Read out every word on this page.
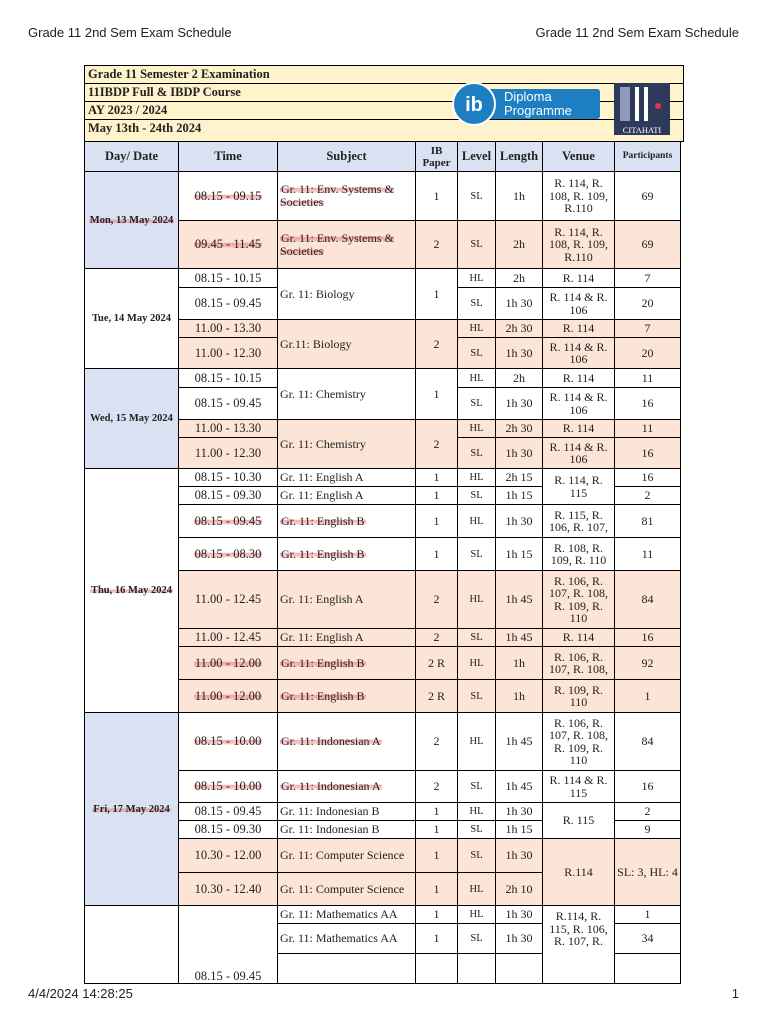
Grade 11 2nd Sem Exam Schedule	Grade 11 2nd Sem Exam Schedule
Grade 11 Semester 2 Examination
11IBDP Full & IBDP Course
AY 2023 / 2024
May 13th - 24th 2024
ib Diploma
Programme
CITAHATI
Day/ Date	Time	Subject	IB Paper	Level	Length	Venue	Participants
Mon, 13 May 2024	08.15 - 09.15	Gr. 11: Env. Systems & Societies	1	SL	1h	R. 114, R. 108, R. 109, R.110	69
	09.45 - 11.45	Gr. 11: Env. Systems & Societies	2	SL	2h	R. 114, R. 108, R. 109, R.110	69
Tue, 14 May 2024	08.15 - 10.15	Gr. 11: Biology	1	HL	2h	R. 114	7
	08.15 - 09.45			SL	1h 30	R. 114 & R. 106	20
	11.00 - 13.30	Gr.11: Biology	2	HL	2h 30	R. 114	7
	11.00 - 12.30			SL	1h 30	R. 114 & R. 106	20
Wed, 15 May 2024	08.15 - 10.15	Gr. 11: Chemistry	1	HL	2h	R. 114	11
	08.15 - 09.45			SL	1h 30	R. 114 & R. 106	16
	11.00 - 13.30	Gr. 11: Chemistry	2	HL	2h 30	R. 114	11
	11.00 - 12.30			SL	1h 30	R. 114 & R. 106	16
Thu, 16 May 2024	08.15 - 10.30	Gr. 11: English A	1	HL	2h 15	R. 114, R. 115	16
	08.15 - 09.30	Gr. 11: English A	1	SL	1h 15		2
	08.15 - 09.45	Gr. 11: English B	1	HL	1h 30	R. 115, R. 106, R. 107,	81
	08.15 - 08.30	Gr. 11: English B	1	SL	1h 15	R. 108, R. 109, R. 110	11
	11.00 - 12.45	Gr. 11: English A	2	HL	1h 45	R. 106, R. 107, R. 108, R. 109, R. 110	84
	11.00 - 12.45	Gr. 11: English A	2	SL	1h 45	R. 114	16
	11.00 - 12.00	Gr. 11: English B	2 R	HL	1h	R. 106, R. 107, R. 108,	92
	11.00 - 12.00	Gr. 11: English B	2 R	SL	1h	R. 109, R. 110	1
Fri, 17 May 2024	08.15 - 10.00	Gr. 11: Indonesian A	2	HL	1h 45	R. 106, R. 107, R. 108, R. 109, R. 110	84
	08.15 - 10.00	Gr. 11: Indonesian A	2	SL	1h 45	R. 114 & R. 115	16
	08.15 - 09.45	Gr. 11: Indonesian B	1	HL	1h 30	R. 115	2
	08.15 - 09.30	Gr. 11: Indonesian B	1	SL	1h 15		9
	10.30 - 12.00	Gr. 11: Computer Science	1	SL	1h 30	R.114	SL: 3, HL: 4
	10.30 - 12.40	Gr. 11: Computer Science	1	HL	2h 10		
	08.15 - 09.45	Gr. 11: Mathematics AA	1	HL	1h 30	R.114, R. 115, R. 106, R. 107, R.	1
		Gr. 11: Mathematics AA	1	SL	1h 30		34

4/4/2024 14:28:25	1
